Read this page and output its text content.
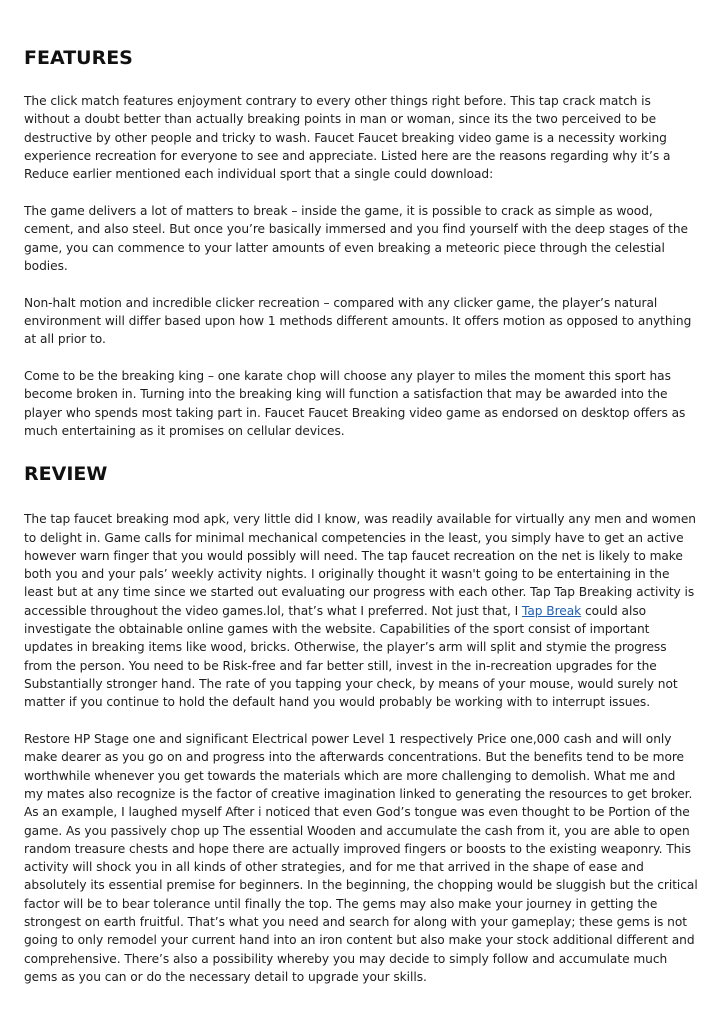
FEATURES

The click match features enjoyment contrary to every other things right before. This tap crack match is without a doubt better than actually breaking points in man or woman, since its the two perceived to be destructive by other people and tricky to wash. Faucet Faucet breaking video game is a necessity working experience recreation for everyone to see and appreciate. Listed here are the reasons regarding why it’s a Reduce earlier mentioned each individual sport that a single could download:

The game delivers a lot of matters to break – inside the game, it is possible to crack as simple as wood, cement, and also steel. But once you’re basically immersed and you find yourself with the deep stages of the game, you can commence to your latter amounts of even breaking a meteoric piece through the celestial bodies.

Non-halt motion and incredible clicker recreation – compared with any clicker game, the player’s natural environment will differ based upon how 1 methods different amounts. It offers motion as opposed to anything at all prior to.

Come to be the breaking king – one karate chop will choose any player to miles the moment this sport has become broken in. Turning into the breaking king will function a satisfaction that may be awarded into the player who spends most taking part in. Faucet Faucet Breaking video game as endorsed on desktop offers as much entertaining as it promises on cellular devices.

REVIEW

The tap faucet breaking mod apk, very little did I know, was readily available for virtually any men and women to delight in. Game calls for minimal mechanical competencies in the least, you simply have to get an active however warn finger that you would possibly will need. The tap faucet recreation on the net is likely to make both you and your pals’ weekly activity nights. I originally thought it wasn't going to be entertaining in the least but at any time since we started out evaluating our progress with each other. Tap Tap Breaking activity is accessible throughout the video games.lol, that’s what I preferred. Not just that, I Tap Break could also investigate the obtainable online games with the website. Capabilities of the sport consist of important updates in breaking items like wood, bricks. Otherwise, the player’s arm will split and stymie the progress from the person. You need to be Risk-free and far better still, invest in the in-recreation upgrades for the Substantially stronger hand. The rate of you tapping your check, by means of your mouse, would surely not matter if you continue to hold the default hand you would probably be working with to interrupt issues.

Restore HP Stage one and significant Electrical power Level 1 respectively Price one,000 cash and will only make dearer as you go on and progress into the afterwards concentrations. But the benefits tend to be more worthwhile whenever you get towards the materials which are more challenging to demolish. What me and my mates also recognize is the factor of creative imagination linked to generating the resources to get broker. As an example, I laughed myself After i noticed that even God’s tongue was even thought to be Portion of the game. As you passively chop up The essential Wooden and accumulate the cash from it, you are able to open random treasure chests and hope there are actually improved fingers or boosts to the existing weaponry. This activity will shock you in all kinds of other strategies, and for me that arrived in the shape of ease and absolutely its essential premise for beginners. In the beginning, the chopping would be sluggish but the critical factor will be to bear tolerance until finally the top. The gems may also make your journey in getting the strongest on earth fruitful. That’s what you need and search for along with your gameplay; these gems is not going to only remodel your current hand into an iron content but also make your stock additional different and comprehensive. There’s also a possibility whereby you may decide to simply follow and accumulate much gems as you can or do the necessary detail to upgrade your skills.
